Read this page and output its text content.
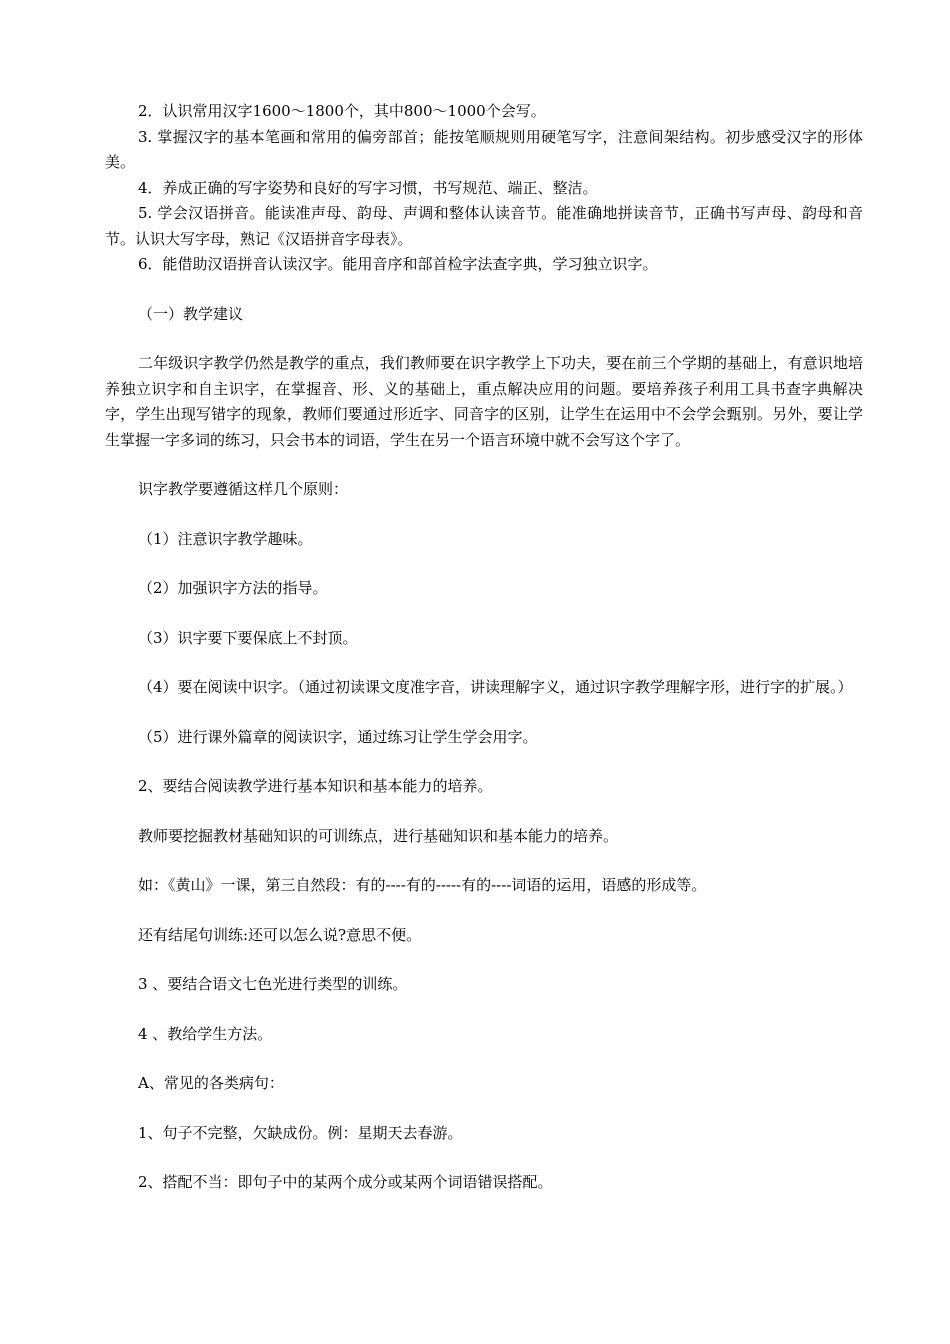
2．认识常用汉字1600～1800个，其中800～1000个会写。

3. 掌握汉字的基本笔画和常用的偏旁部首；能按笔顺规则用硬笔写字，注意间架结构。初步感受汉字的形体美。

4．养成正确的写字姿势和良好的写字习惯，书写规范、端正、整洁。

5. 学会汉语拼音。能读准声母、韵母、声调和整体认读音节。能准确地拼读音节，正确书写声母、韵母和音节。认识大写字母，熟记《汉语拼音字母表》。

6．能借助汉语拼音认读汉字。能用音序和部首检字法查字典，学习独立识字。

（一）教学建议

二年级识字教学仍然是教学的重点，我们教师要在识字教学上下功夫，要在前三个学期的基础上，有意识地培养独立识字和自主识字，在掌握音、形、义的基础上，重点解决应用的问题。要培养孩子利用工具书查字典解决字，学生出现写错字的现象，教师们要通过形近字、同音字的区别，让学生在运用中不会学会甄别。另外，要让学生掌握一字多词的练习，只会书本的词语，学生在另一个语言环境中就不会写这个字了。

识字教学要遵循这样几个原则：

（1）注意识字教学趣味。

（2）加强识字方法的指导。

（3）识字要下要保底上不封顶。

（4）要在阅读中识字。（通过初读课文度准字音，讲读理解字义，通过识字教学理解字形，进行字的扩展。）

（5）进行课外篇章的阅读识字，通过练习让学生学会用字。

2、要结合阅读教学进行基本知识和基本能力的培养。

教师要挖掘教材基础知识的可训练点，进行基础知识和基本能力的培养。

如：《黄山》一课，第三自然段：有的----有的-----有的----词语的运用，语感的形成等。

还有结尾句训练:还可以怎么说?意思不便。

3 、要结合语文七色光进行类型的训练。

4 、教给学生方法。

A、常见的各类病句：

1、句子不完整，欠缺成份。例：星期天去春游。

2、搭配不当：即句子中的某两个成分或某两个词语错误搭配。
